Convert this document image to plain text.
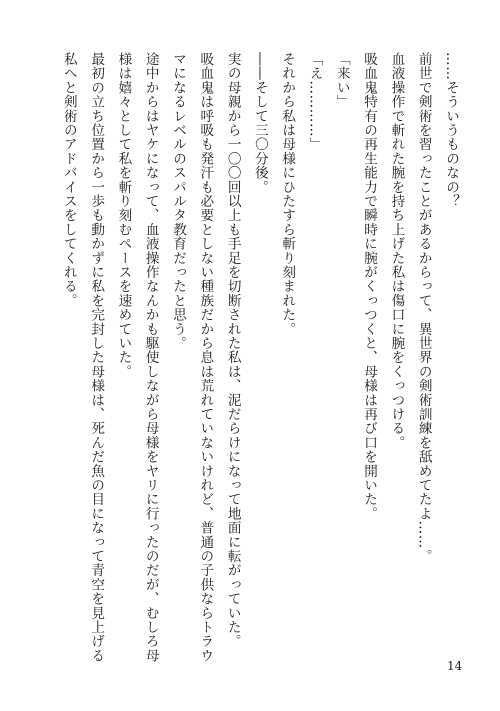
……そういうものなの？
前世で剣術を習ったことがあるからって、異世界の剣術訓練を舐めてたよ……。
血液操作で斬れた腕を持ち上げた私は傷口に腕をくっつける。
吸血鬼特有の再生能力で瞬時に腕がくっつくと、母様は再び口を開いた。
「来い」
「え…………」
それから私は母様にひたすら斬り刻まれた。
――そして三〇分後。
実の母親から一〇〇回以上も手足を切断された私は、泥だらけになって地面に転がっていた。
吸血鬼は呼吸も発汗も必要としない種族だから息は荒れていないけれど、普通の子供ならトラウ
マになるレベルのスパルタ教育だったと思う。
途中からはヤケになって、血液操作なんかも駆使しながら母様をヤリに行ったのだが、むしろ母
様は嬉々として私を斬り刻むペースを速めていた。
最初の立ち位置から一歩も動かずに私を完封した母様は、死んだ魚の目になって青空を見上げる
私へと剣術のアドバイスをしてくれる。
14
